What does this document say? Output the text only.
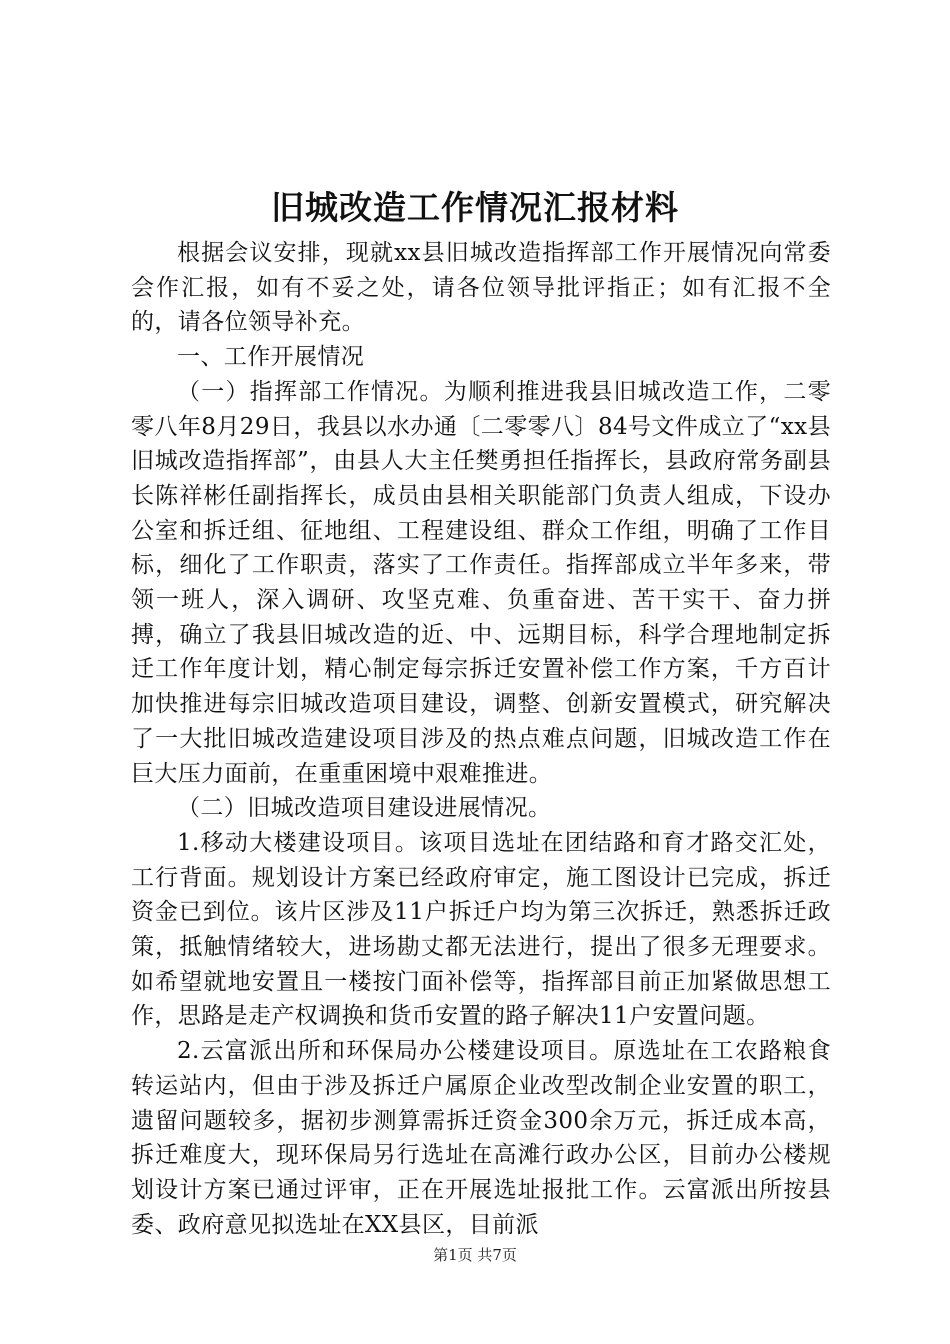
旧城改造工作情况汇报材料

根据会议安排，现就xx县旧城改造指挥部工作开展情况向常委会作汇报，如有不妥之处，请各位领导批评指正；如有汇报不全的，请各位领导补充。

一、工作开展情况

（一）指挥部工作情况。为顺利推进我县旧城改造工作，二零零八年8月29日，我县以水办通〔二零零八〕84号文件成立了“xx县旧城改造指挥部”，由县人大主任樊勇担任指挥长，县政府常务副县长陈祥彬任副指挥长，成员由县相关职能部门负责人组成，下设办公室和拆迁组、征地组、工程建设组、群众工作组，明确了工作目标，细化了工作职责，落实了工作责任。指挥部成立半年多来，带领一班人，深入调研、攻坚克难、负重奋进、苦干实干、奋力拼搏，确立了我县旧城改造的近、中、远期目标，科学合理地制定拆迁工作年度计划，精心制定每宗拆迁安置补偿工作方案，千方百计加快推进每宗旧城改造项目建设，调整、创新安置模式，研究解决了一大批旧城改造建设项目涉及的热点难点问题，旧城改造工作在巨大压力面前，在重重困境中艰难推进。

（二）旧城改造项目建设进展情况。

1.移动大楼建设项目。该项目选址在团结路和育才路交汇处，工行背面。规划设计方案已经政府审定，施工图设计已完成，拆迁资金已到位。该片区涉及11户拆迁户均为第三次拆迁，熟悉拆迁政策，抵触情绪较大，进场勘丈都无法进行，提出了很多无理要求。如希望就地安置且一楼按门面补偿等，指挥部目前正加紧做思想工作，思路是走产权调换和货币安置的路子解决11户安置问题。

2.云富派出所和环保局办公楼建设项目。原选址在工农路粮食转运站内，但由于涉及拆迁户属原企业改型改制企业安置的职工，遗留问题较多，据初步测算需拆迁资金300余万元，拆迁成本高，拆迁难度大，现环保局另行选址在高滩行政办公区，目前办公楼规划设计方案已通过评审，正在开展选址报批工作。云富派出所按县委、政府意见拟选址在XX县区，目前派

第1页 共7页
